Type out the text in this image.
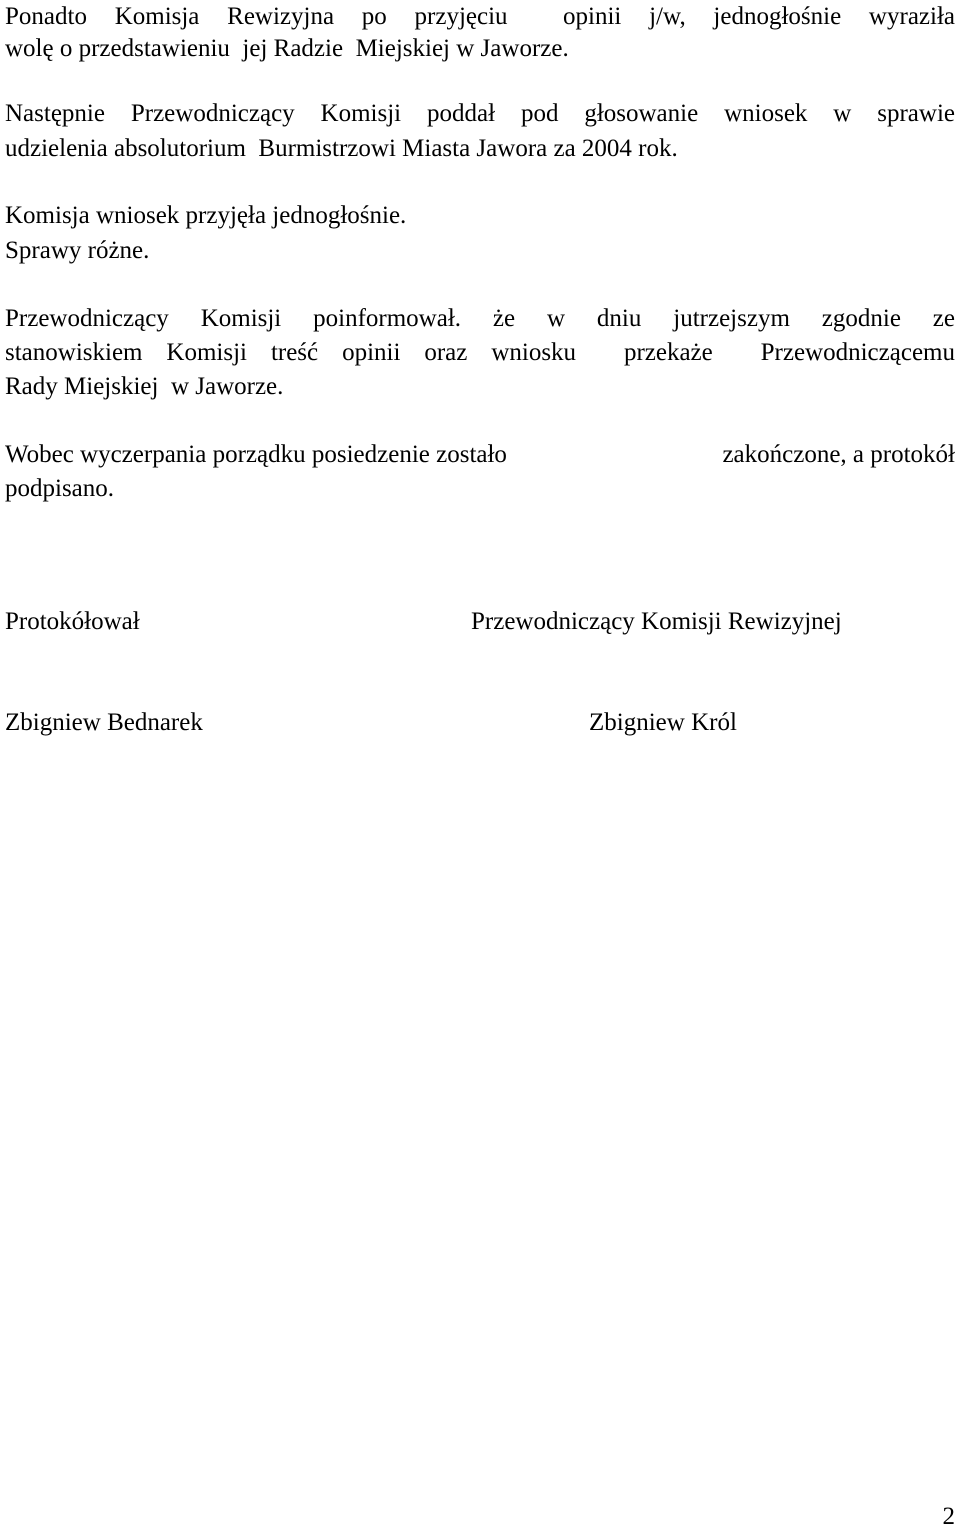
Ponadto Komisja Rewizyjna po przyjęciu  opinii j/w, jednogłośnie wyraziła

wolę o przedstawieniu  jej Radzie  Miejskiej w Jaworze.

Następnie Przewodniczący Komisji poddał pod głosowanie wniosek w sprawie

udzielenia absolutorium  Burmistrzowi Miasta Jawora za 2004 rok.

Komisja wniosek przyjęła jednogłośnie.

Sprawy różne.

Przewodniczący Komisji poinformował. że w dniu jutrzejszym zgodnie ze

stanowiskiem Komisji treść opinii oraz wniosku  przekaże  Przewodniczącemu

Rady Miejskiej  w Jaworze.

Wobec wyczerpania porządku posiedzenie zostało	zakończone, a protokół

podpisano.

Protokółował	Przewodniczący Komisji Rewizyjnej

Zbigniew Bednarek	Zbigniew Król

2
